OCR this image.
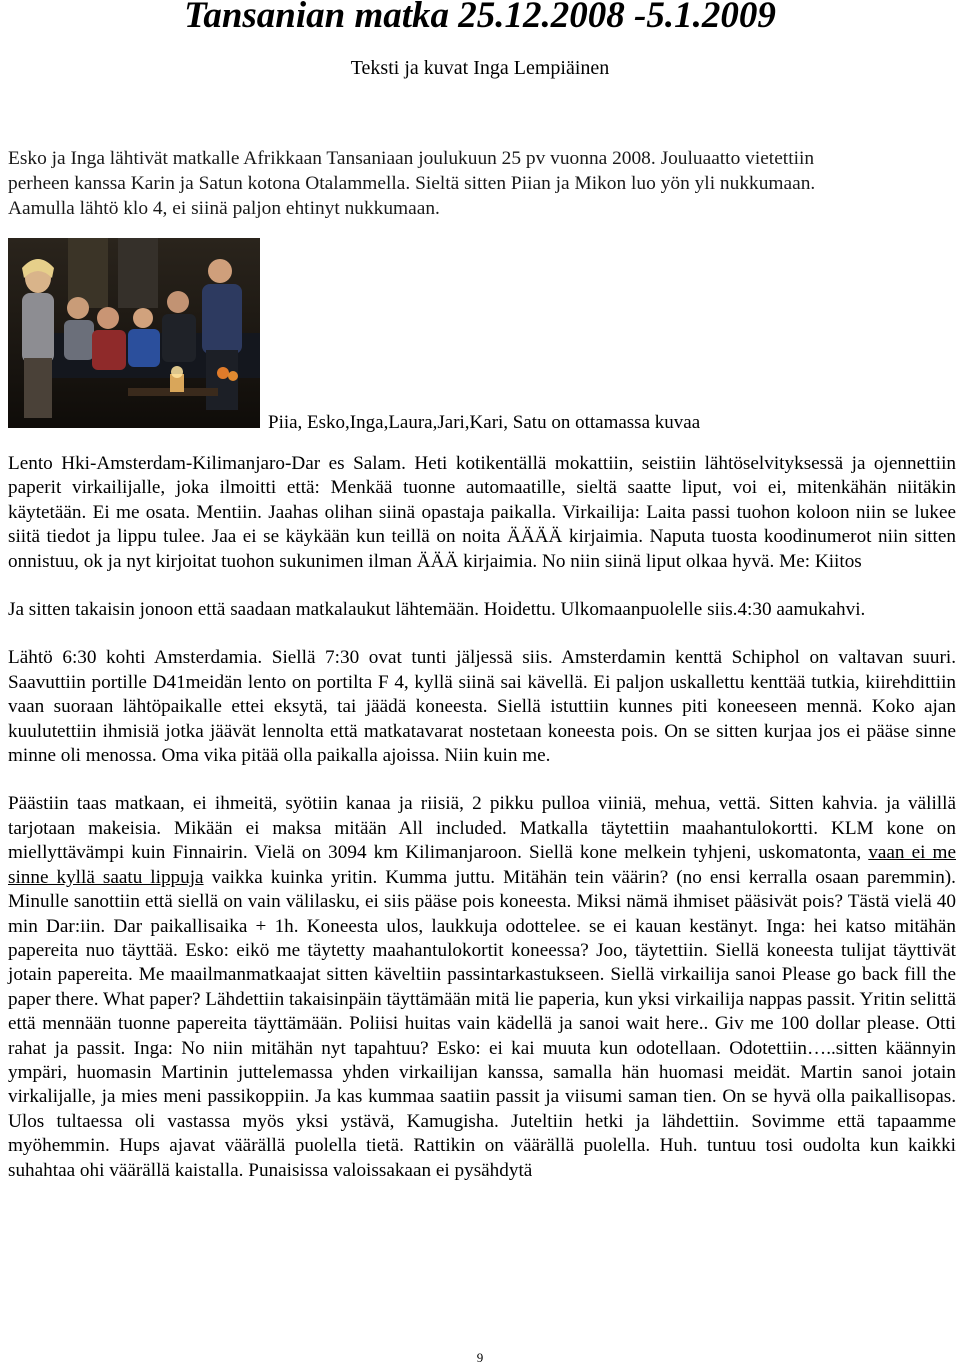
Tansanian matka 25.12.2008 -5.1.2009
Teksti ja kuvat Inga Lempiäinen
Esko ja Inga lähtivät matkalle Afrikkaan Tansaniaan joulukuun 25 pv vuonna 2008. Jouluaatto vietettiin
perheen kanssa Karin ja Satun kotona Otalammella. Sieltä sitten Piian ja Mikon luo yön yli nukkumaan.
Aamulla lähtö klo 4, ei siinä paljon ehtinyt nukkumaan.
Piia, Esko,Inga,Laura,Jari,Kari, Satu on ottamassa kuvaa

Lento Hki-Amsterdam-Kilimanjaro-Dar es Salam. Heti kotikentällä mokattiin, seistiin lähtöselvityksessä ja ojennettiin paperit virkailijalle, joka ilmoitti että: Menkää tuonne automaatille, sieltä saatte liput, voi ei, mitenkähän niitäkin käytetään. Ei me osata. Mentiin. Jaahas olihan siinä opastaja paikalla. Virkailija: Laita passi tuohon koloon niin se lukee siitä tiedot ja lippu tulee. Jaa ei se käykään kun teillä on noita ÄÄÄÄ kirjaimia. Naputa tuosta koodinumerot niin sitten onnistuu, ok ja nyt kirjoitat tuohon sukunimen ilman ÄÄÄ kirjaimia. No niin siinä liput olkaa hyvä. Me: Kiitos

Ja sitten takaisin jonoon että saadaan matkalaukut lähtemään. Hoidettu. Ulkomaanpuolelle siis.4:30 aamukahvi.

Lähtö 6:30 kohti Amsterdamia. Siellä 7:30 ovat tunti jäljessä siis. Amsterdamin kenttä Schiphol on valtavan suuri. Saavuttiin portille D41meidän lento on portilta F 4, kyllä siinä sai kävellä. Ei paljon uskallettu kenttää tutkia, kiirehdittiin vaan suoraan lähtöpaikalle ettei eksytä, tai jäädä koneesta. Siellä istuttiin kunnes piti koneeseen mennä. Koko ajan kuulutettiin ihmisiä jotka jäävät lennolta että matkatavarat nostetaan koneesta pois. On se sitten kurjaa jos ei pääse sinne minne oli menossa. Oma vika pitää olla paikalla ajoissa. Niin kuin me.

Päästiin taas matkaan, ei ihmeitä, syötiin kanaa ja riisiä, 2 pikku pulloa viiniä, mehua, vettä. Sitten kahvia. ja välillä tarjotaan makeisia. Mikään ei maksa mitään All included. Matkalla täytettiin maahantulokortti. KLM kone on miellyttävämpi kuin Finnairin. Vielä on 3094 km Kilimanjaroon. Siellä kone melkein tyhjeni, uskomatonta, vaan ei me sinne kyllä saatu lippuja vaikka kuinka yritin. Kumma juttu. Mitähän tein väärin? (no ensi kerralla osaan paremmin). Minulle sanottiin että siellä on vain välilasku, ei siis pääse pois koneesta. Miksi nämä ihmiset pääsivät pois? Tästä vielä 40 min Dar:iin. Dar paikallisaika + 1h. Koneesta ulos, laukkuja odottelee. se ei kauan kestänyt. Inga: hei katso mitähän papereita nuo täyttää. Esko: eikö me täytetty maahantulokortit koneessa? Joo, täytettiin. Siellä koneesta tulijat täyttivät jotain papereita. Me maailmanmatkaajat sitten käveltiin passintarkastukseen. Siellä virkailija sanoi Please go back fill the paper there. What paper? Lähdettiin takaisinpäin täyttämään mitä lie paperia, kun yksi virkailija nappas passit. Yritin selittä että mennään tuonne papereita täyttämään. Poliisi huitas vain kädellä ja sanoi wait here.. Giv me 100 dollar please. Otti rahat ja passit. Inga: No niin mitähän nyt tapahtuu? Esko: ei kai muuta kun odotellaan. Odotettiin…..sitten käännyin ympäri, huomasin Martinin juttelemassa yhden virkailijan kanssa, samalla hän huomasi meidät. Martin sanoi jotain virkalijalle, ja mies meni passikoppiin. Ja kas kummaa saatiin passit ja viisumi saman tien. On se hyvä olla paikallisopas. Ulos tultaessa oli vastassa myös yksi ystävä, Kamugisha. Juteltiin hetki ja lähdettiin. Sovimme että tapaamme myöhemmin. Hups ajavat väärällä puolella tietä. Rattikin on väärällä puolella. Huh. tuntuu tosi oudolta kun kaikki suhahtaa ohi väärällä kaistalla. Punaisissa valoissakaan ei pysähdytä

9
